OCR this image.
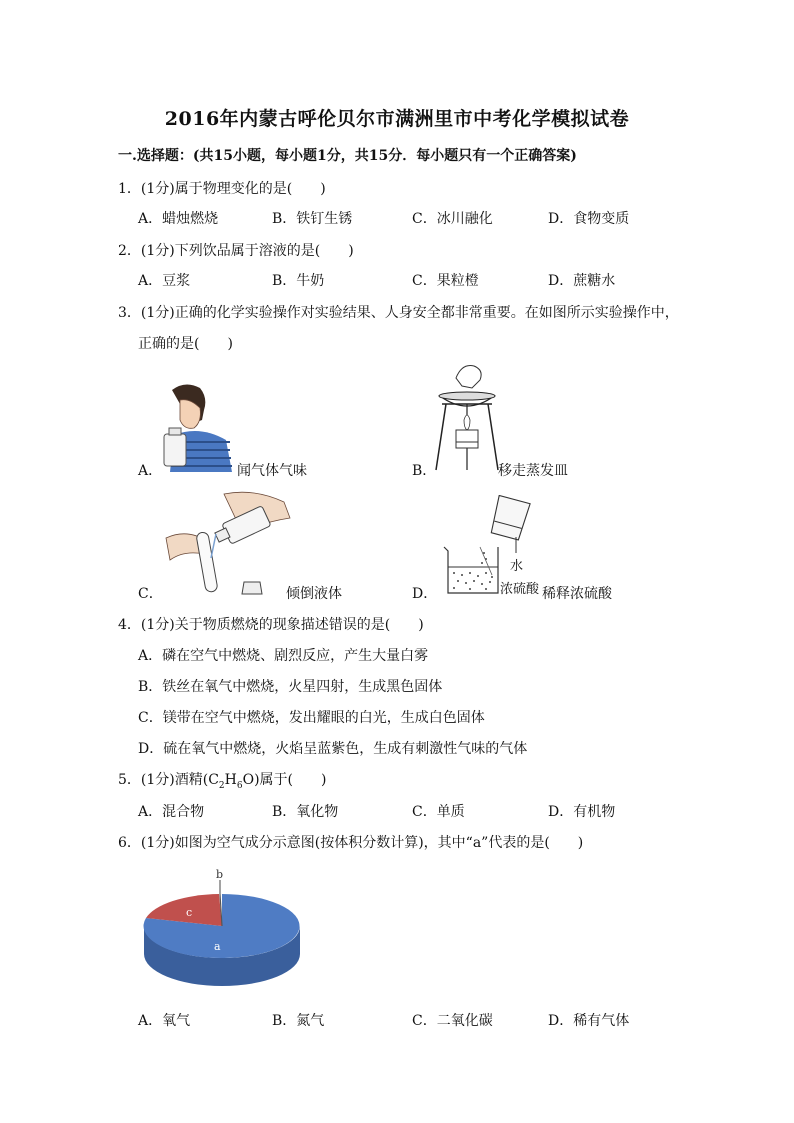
2016年内蒙古呼伦贝尔市满洲里市中考化学模拟试卷
一.选择题：(共15小题，每小题1分，共15分．每小题只有一个正确答案)
1．(1分)属于物理变化的是(　　)
A．蜡烛燃烧	B．铁钉生锈	C．冰川融化	D．食物变质
2．(1分)下列饮品属于溶液的是(　　)
A．豆浆	B．牛奶	C．果粒橙	D．蔗糖水
3．(1分)正确的化学实验操作对实验结果、人身安全都非常重要。在如图所示实验操作中，
正确的是(　　)
A．	闻气体气味	B．	移走蒸发皿
C．	倾倒液体
水
浓硫酸
D．	稀释浓硫酸
4．(1分)关于物质燃烧的现象描述错误的是(　　)
A．磷在空气中燃烧、剧烈反应，产生大量白雾
B．铁丝在氧气中燃烧，火星四射，生成黑色固体
C．镁带在空气中燃烧，发出耀眼的白光，生成白色固体
D．硫在氧气中燃烧，火焰呈蓝紫色，生成有刺激性气味的气体
5．(1分)酒精$(C_2H_6O)$属于(　　)
A．混合物	B．氧化物	C．单质	D．有机物
6．(1分)如图为空气成分示意图(按体积分数计算)，其中“a”代表的是(　　)
b
c
a
A．氧气	B．氮气	C．二氧化碳	D．稀有气体
